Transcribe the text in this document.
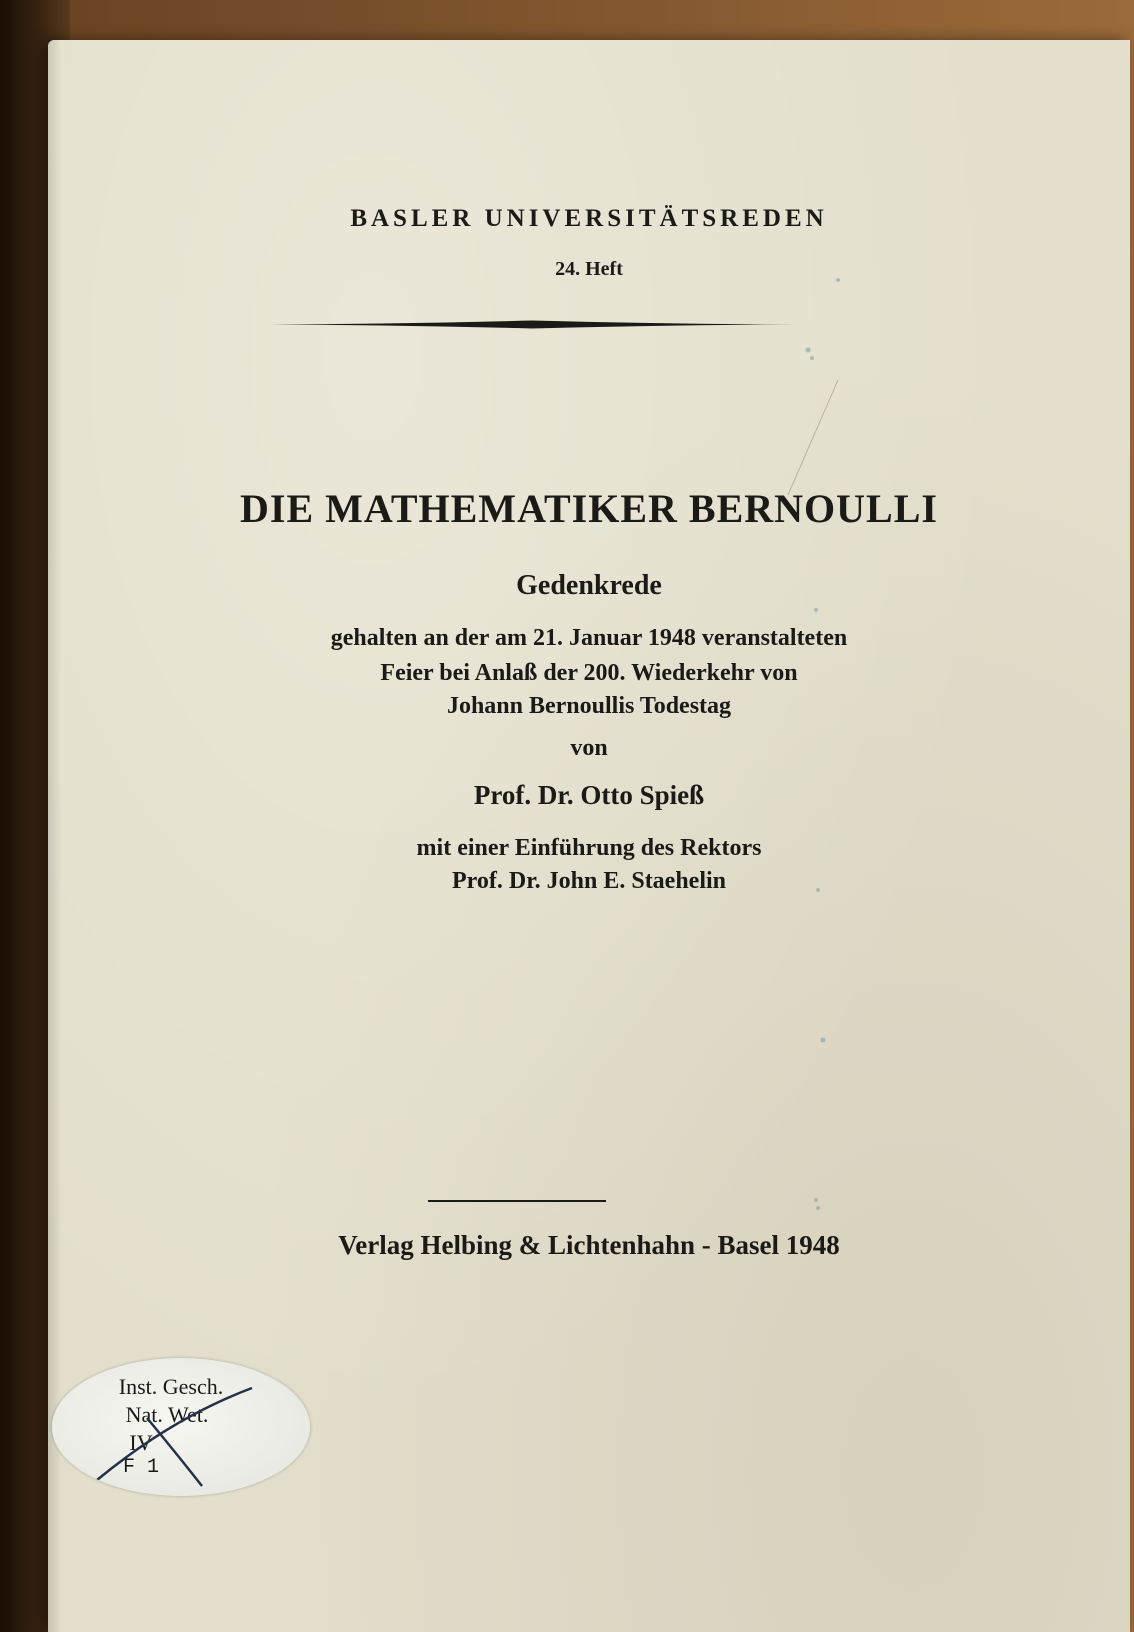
BASLER UNIVERSITÄTSREDEN
24. Heft
DIE MATHEMATIKER BERNOULLI
Gedenkrede
gehalten an der am 21. Januar 1948 veranstalteten
Feier bei Anlaß der 200. Wiederkehr von
Johann Bernoullis Todestag
von
Prof. Dr. Otto Spieß
mit einer Einführung des Rektors
Prof. Dr. John E. Staehelin
Verlag Helbing & Lichtenhahn - Basel 1948
Inst. Gesch.
Nat. Wet.
IV
F 1
